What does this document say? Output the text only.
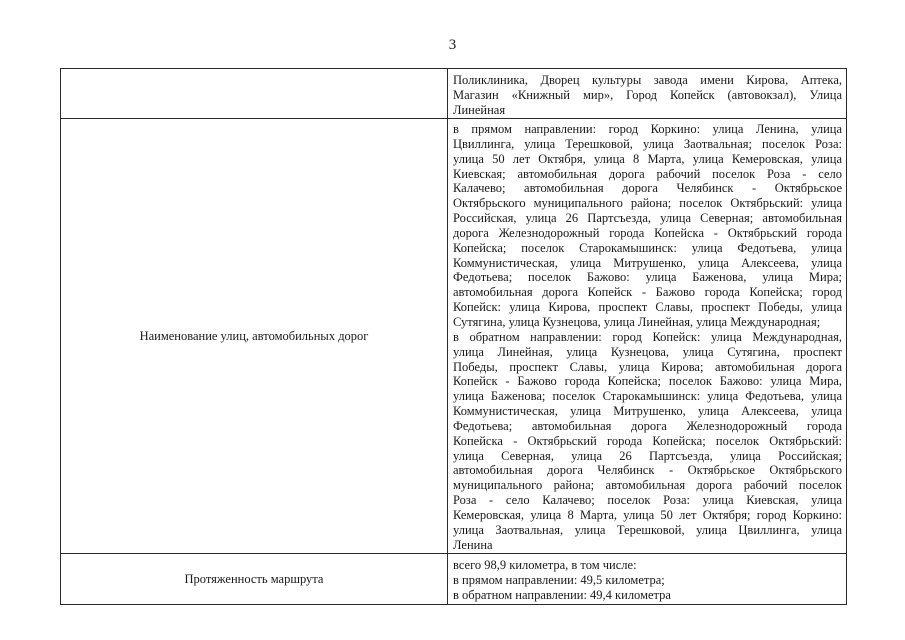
3
Поликлиника, Дворец культуры завода имени Кирова, Аптека,
Магазин «Книжный мир», Город Копейск (автовокзал), Улица
Линейная
Наименование улиц, автомобильных дорог
в прямом направлении: город Коркино: улица Ленина, улица
Цвиллинга, улица Терешковой, улица Заотвальная; поселок Роза:
улица 50 лет Октября, улица 8 Марта, улица Кемеровская, улица
Киевская; автомобильная дорога рабочий поселок Роза - село
Калачево; автомобильная дорога Челябинск - Октябрьское
Октябрьского муниципального района; поселок Октябрьский: улица
Российская, улица 26 Партсъезда, улица Северная; автомобильная
дорога Железнодорожный города Копейска - Октябрьский города
Копейска; поселок Старокамышинск: улица Федотьева, улица
Коммунистическая, улица Митрушенко, улица Алексеева, улица
Федотьева; поселок Бажово: улица Баженова, улица Мира;
автомобильная дорога Копейск - Бажово города Копейска; город
Копейск: улица Кирова, проспект Славы, проспект Победы, улица
Сутягина, улица Кузнецова, улица Линейная, улица Международная;
в обратном направлении: город Копейск: улица Международная,
улица Линейная, улица Кузнецова, улица Сутягина, проспект
Победы, проспект Славы, улица Кирова; автомобильная дорога
Копейск - Бажово города Копейска; поселок Бажово: улица Мира,
улица Баженова; поселок Старокамышинск: улица Федотьева, улица
Коммунистическая, улица Митрушенко, улица Алексеева, улица
Федотьева; автомобильная дорога Железнодорожный города
Копейска - Октябрьский города Копейска; поселок Октябрьский:
улица Северная, улица 26 Партсъезда, улица Российская;
автомобильная дорога Челябинск - Октябрьское Октябрьского
муниципального района; автомобильная дорога рабочий поселок
Роза - село Калачево; поселок Роза: улица Киевская, улица
Кемеровская, улица 8 Марта, улица 50 лет Октября; город Коркино:
улица Заотвальная, улица Терешковой, улица Цвиллинга, улица
Ленина
Протяженность маршрута
всего 98,9 километра, в том числе:
в прямом направлении: 49,5 километра;
в обратном направлении: 49,4 километра
